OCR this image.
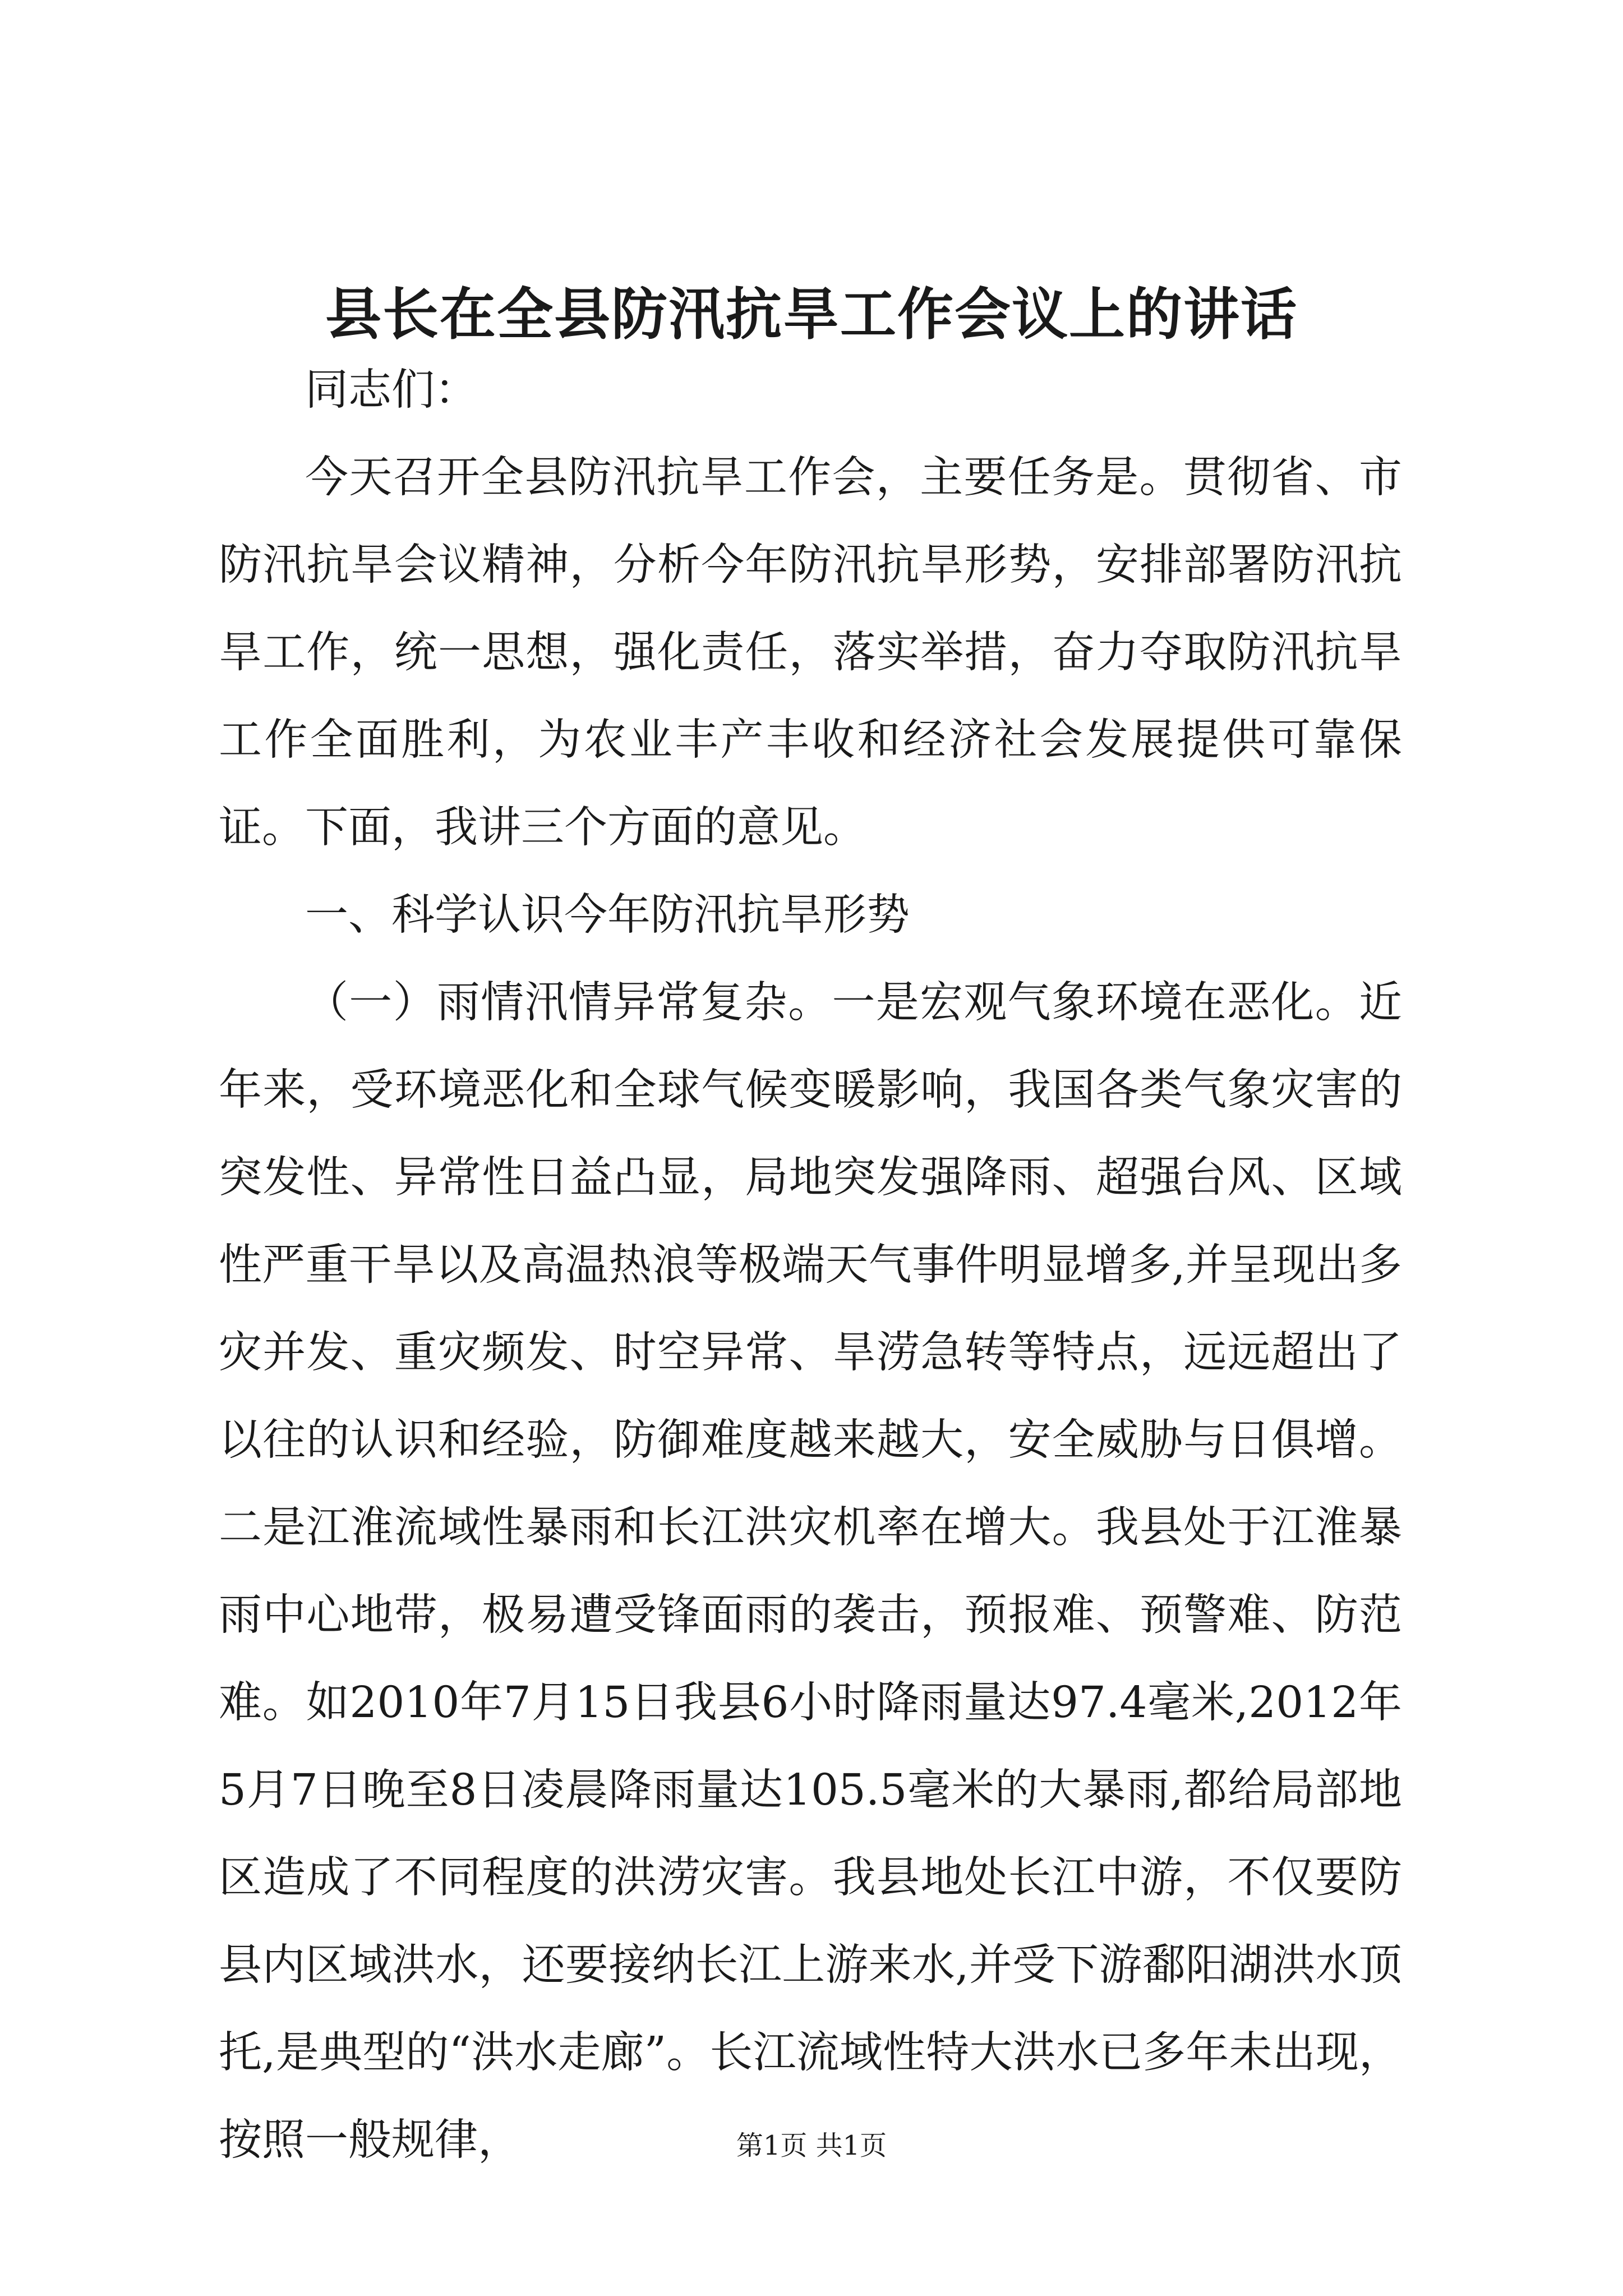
县长在全县防汛抗旱工作会议上的讲话

同志们：

今天召开全县防汛抗旱工作会，主要任务是。贯彻省、市防汛抗旱会议精神，分析今年防汛抗旱形势，安排部署防汛抗旱工作，统一思想，强化责任，落实举措，奋力夺取防汛抗旱工作全面胜利，为农业丰产丰收和经济社会发展提供可靠保证。下面，我讲三个方面的意见。

一、科学认识今年防汛抗旱形势

（一）雨情汛情异常复杂。一是宏观气象环境在恶化。近年来，受环境恶化和全球气候变暖影响，我国各类气象灾害的突发性、异常性日益凸显，局地突发强降雨、超强台风、区域性严重干旱以及高温热浪等极端天气事件明显增多,并呈现出多灾并发、重灾频发、时空异常、旱涝急转等特点，远远超出了以往的认识和经验，防御难度越来越大，安全威胁与日俱增。二是江淮流域性暴雨和长江洪灾机率在增大。我县处于江淮暴雨中心地带，极易遭受锋面雨的袭击，预报难、预警难、防范难。如2010年7月15日我县6小时降雨量达97.4毫米,2012年5月7日晚至8日凌晨降雨量达105.5毫米的大暴雨,都给局部地区造成了不同程度的洪涝灾害。我县地处长江中游，不仅要防县内区域洪水，还要接纳长江上游来水,并受下游鄱阳湖洪水顶托,是典型的“洪水走廊”。长江流域性特大洪水已多年未出现，按照一般规律，	第1页 共1页
